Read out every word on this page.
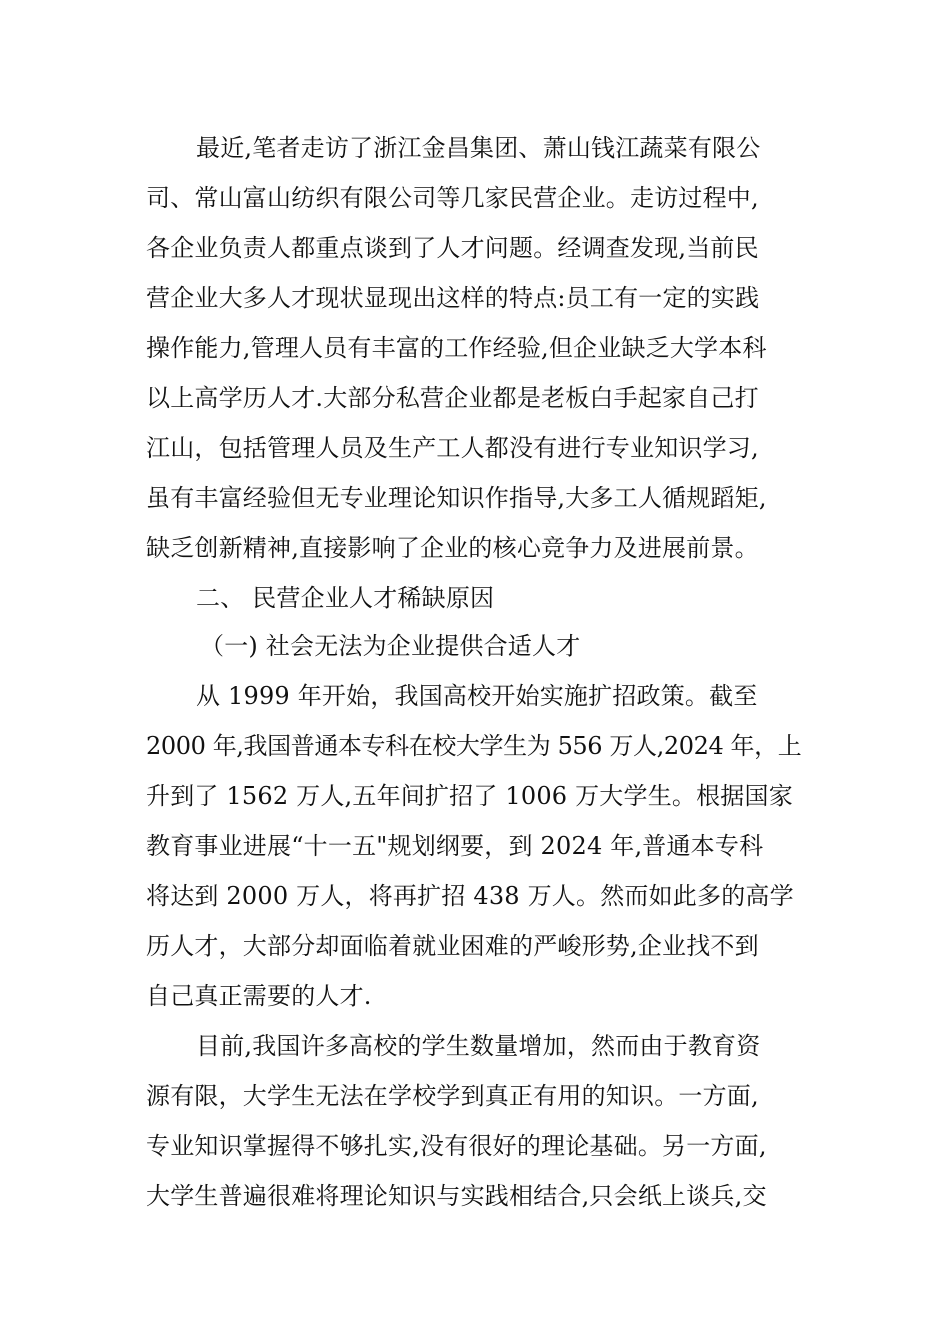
最近,笔者走访了浙江金昌集团、萧山钱江蔬菜有限公
司、常山富山纺织有限公司等几家民营企业。走访过程中,
各企业负责人都重点谈到了人才问题。经调查发现,当前民
营企业大多人才现状显现出这样的特点:员工有一定的实践
操作能力,管理人员有丰富的工作经验,但企业缺乏大学本科
以上高学历人才.大部分私营企业都是老板白手起家自己打
江山，包括管理人员及生产工人都没有进行专业知识学习,
虽有丰富经验但无专业理论知识作指导,大多工人循规蹈矩,
缺乏创新精神,直接影响了企业的核心竞争力及进展前景。
二、 民营企业人才稀缺原因
（一) 社会无法为企业提供合适人才
从 1999 年开始，我国高校开始实施扩招政策。截至
2000 年,我国普通本专科在校大学生为 556 万人,2024 年，上
升到了 1562 万人,五年间扩招了 1006 万大学生。根据国家
教育事业进展“十一五"规划纲要，到 2024 年,普通本专科
将达到 2000 万人，将再扩招 438 万人。然而如此多的高学
历人才，大部分却面临着就业困难的严峻形势,企业找不到
自己真正需要的人才.
目前,我国许多高校的学生数量增加，然而由于教育资
源有限，大学生无法在学校学到真正有用的知识。一方面,
专业知识掌握得不够扎实,没有很好的理论基础。另一方面,
大学生普遍很难将理论知识与实践相结合,只会纸上谈兵,交
